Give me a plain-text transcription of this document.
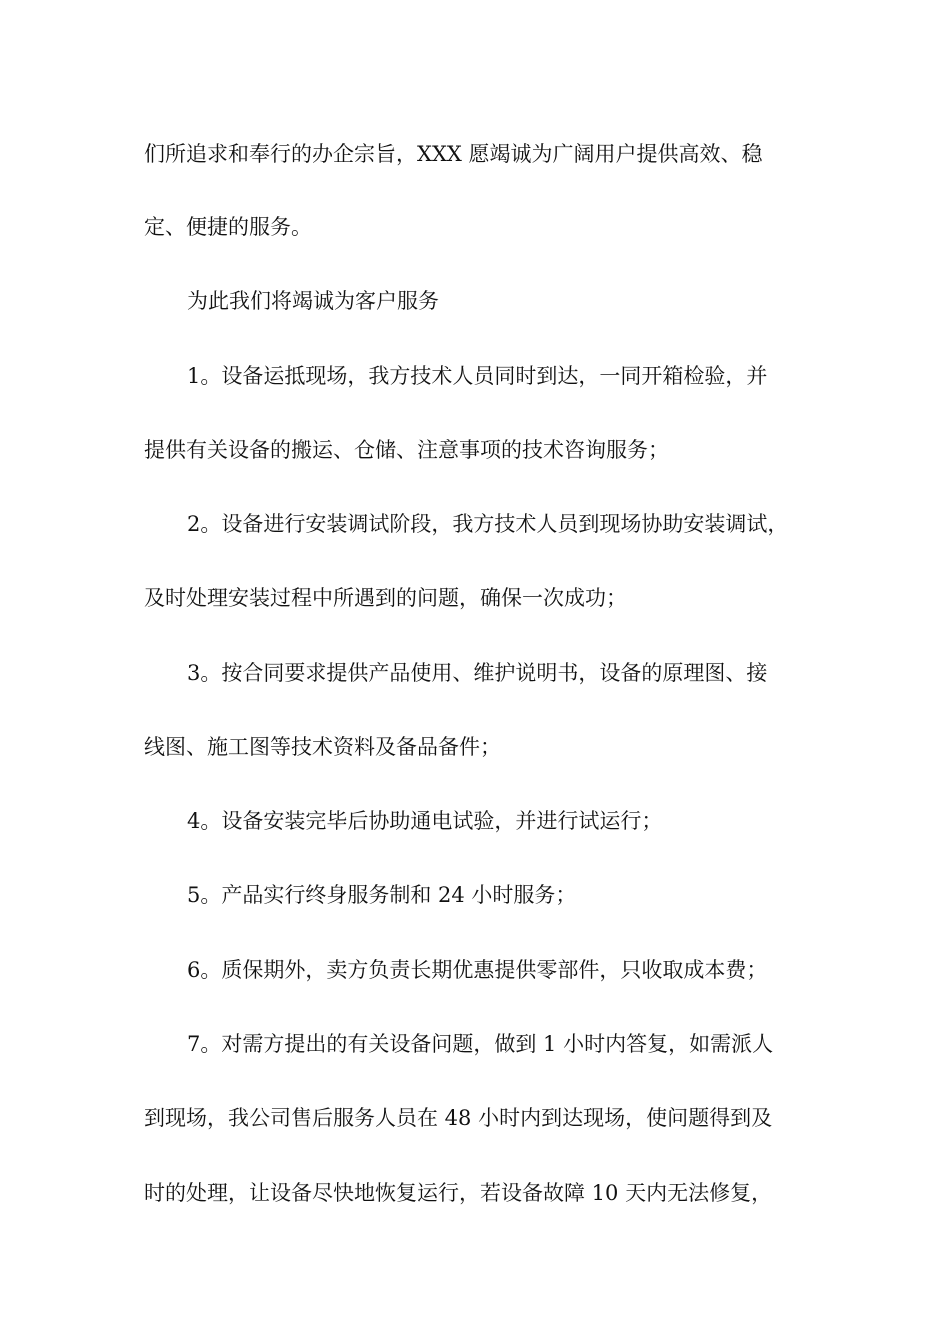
们所追求和奉行的办企宗旨，XXX 愿竭诚为广阔用户提供高效、稳
定、便捷的服务。
为此我们将竭诚为客户服务
1。设备运抵现场，我方技术人员同时到达，一同开箱检验，并
提供有关设备的搬运、仓储、注意事项的技术咨询服务；
2。设备进行安装调试阶段，我方技术人员到现场协助安装调试，
及时处理安装过程中所遇到的问题，确保一次成功；
3。按合同要求提供产品使用、维护说明书，设备的原理图、接
线图、施工图等技术资料及备品备件；
4。设备安装完毕后协助通电试验，并进行试运行；
5。产品实行终身服务制和 24 小时服务；
6。质保期外，卖方负责长期优惠提供零部件，只收取成本费；
7。对需方提出的有关设备问题，做到 1 小时内答复，如需派人
到现场，我公司售后服务人员在 48 小时内到达现场，使问题得到及
时的处理，让设备尽快地恢复运行，若设备故障 10 天内无法修复，
